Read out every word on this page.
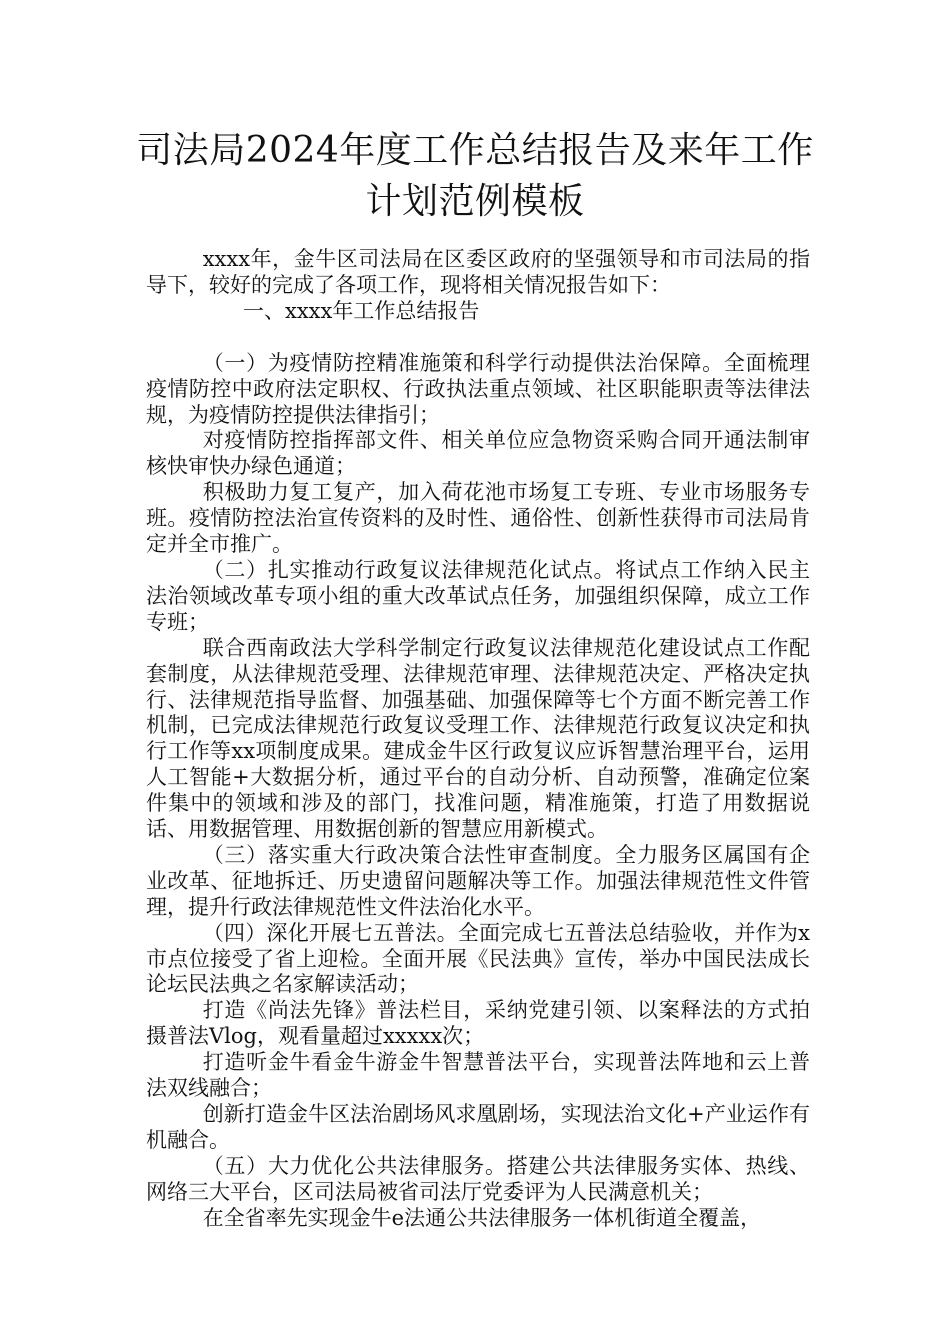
司法局2024年度工作总结报告及来年工作
计划范例模板

xxxx年，金牛区司法局在区委区政府的坚强领导和市司法局的指导下，较好的完成了各项工作，现将相关情况报告如下：

一、xxxx年工作总结报告

（一）为疫情防控精准施策和科学行动提供法治保障。全面梳理疫情防控中政府法定职权、行政执法重点领域、社区职能职责等法律法规，为疫情防控提供法律指引；

对疫情防控指挥部文件、相关单位应急物资采购合同开通法制审核快审快办绿色通道；

积极助力复工复产，加入荷花池市场复工专班、专业市场服务专班。疫情防控法治宣传资料的及时性、通俗性、创新性获得市司法局肯定并全市推广。

（二）扎实推动行政复议法律规范化试点。将试点工作纳入民主法治领域改革专项小组的重大改革试点任务，加强组织保障，成立工作专班；

联合西南政法大学科学制定行政复议法律规范化建设试点工作配套制度，从法律规范受理、法律规范审理、法律规范决定、严格决定执行、法律规范指导监督、加强基础、加强保障等七个方面不断完善工作机制，已完成法律规范行政复议受理工作、法律规范行政复议决定和执行工作等xx项制度成果。建成金牛区行政复议应诉智慧治理平台，运用人工智能+大数据分析，通过平台的自动分析、自动预警，准确定位案件集中的领域和涉及的部门，找准问题，精准施策，打造了用数据说话、用数据管理、用数据创新的智慧应用新模式。

（三）落实重大行政决策合法性审查制度。全力服务区属国有企业改革、征地拆迁、历史遗留问题解决等工作。加强法律规范性文件管理，提升行政法律规范性文件法治化水平。

（四）深化开展七五普法。全面完成七五普法总结验收，并作为x市点位接受了省上迎检。全面开展《民法典》宣传，举办中国民法成长论坛民法典之名家解读活动；

打造《尚法先锋》普法栏目，采纳党建引领、以案释法的方式拍摄普法Vlog，观看量超过xxxxx次；

打造听金牛看金牛游金牛智慧普法平台，实现普法阵地和云上普法双线融合；

创新打造金牛区法治剧场风求凰剧场，实现法治文化+产业运作有机融合。

（五）大力优化公共法律服务。搭建公共法律服务实体、热线、网络三大平台，区司法局被省司法厅党委评为人民满意机关；

在全省率先实现金牛e法通公共法律服务一体机街道全覆盖，
